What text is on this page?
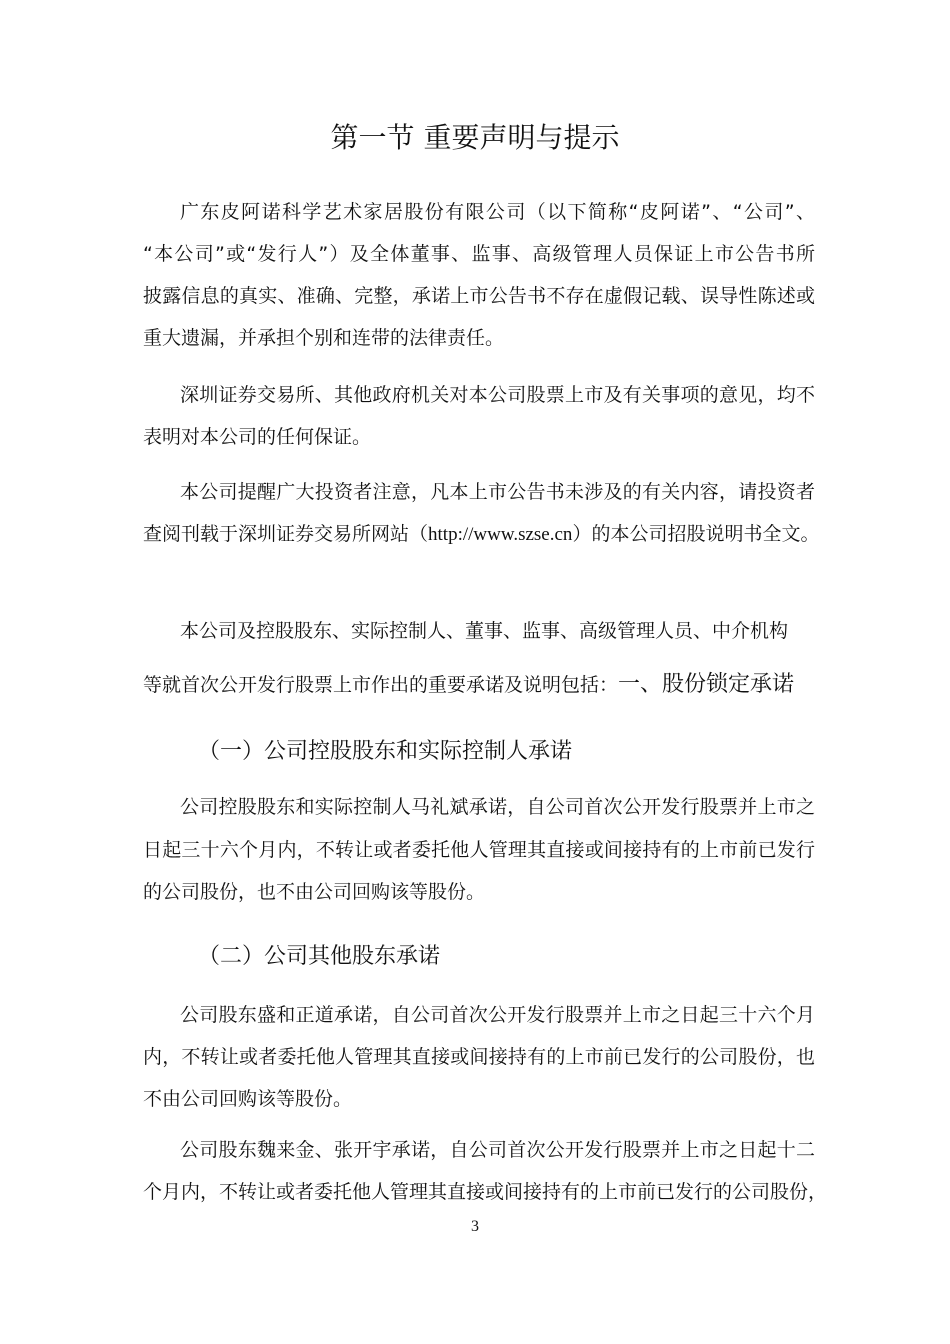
第一节 重要声明与提示
广东皮阿诺科学艺术家居股份有限公司（以下简称“皮阿诺”、“公司”、
“本公司”或“发行人”）及全体董事、监事、高级管理人员保证上市公告书所
披露信息的真实、准确、完整，承诺上市公告书不存在虚假记载、误导性陈述或
重大遗漏，并承担个别和连带的法律责任。
深圳证券交易所、其他政府机关对本公司股票上市及有关事项的意见，均不
表明对本公司的任何保证。
本公司提醒广大投资者注意，凡本上市公告书未涉及的有关内容，请投资者
查阅刊载于深圳证券交易所网站（http://www.szse.cn）的本公司招股说明书全文。
本公司及控股股东、实际控制人、董事、监事、高级管理人员、中介机构
等就首次公开发行股票上市作出的重要承诺及说明包括：一、股份锁定承诺
（一）公司控股股东和实际控制人承诺
公司控股股东和实际控制人马礼斌承诺，自公司首次公开发行股票并上市之
日起三十六个月内，不转让或者委托他人管理其直接或间接持有的上市前已发行
的公司股份，也不由公司回购该等股份。
（二）公司其他股东承诺
公司股东盛和正道承诺，自公司首次公开发行股票并上市之日起三十六个月
内，不转让或者委托他人管理其直接或间接持有的上市前已发行的公司股份，也
不由公司回购该等股份。
公司股东魏来金、张开宇承诺，自公司首次公开发行股票并上市之日起十二
个月内，不转让或者委托他人管理其直接或间接持有的上市前已发行的公司股份，
3
